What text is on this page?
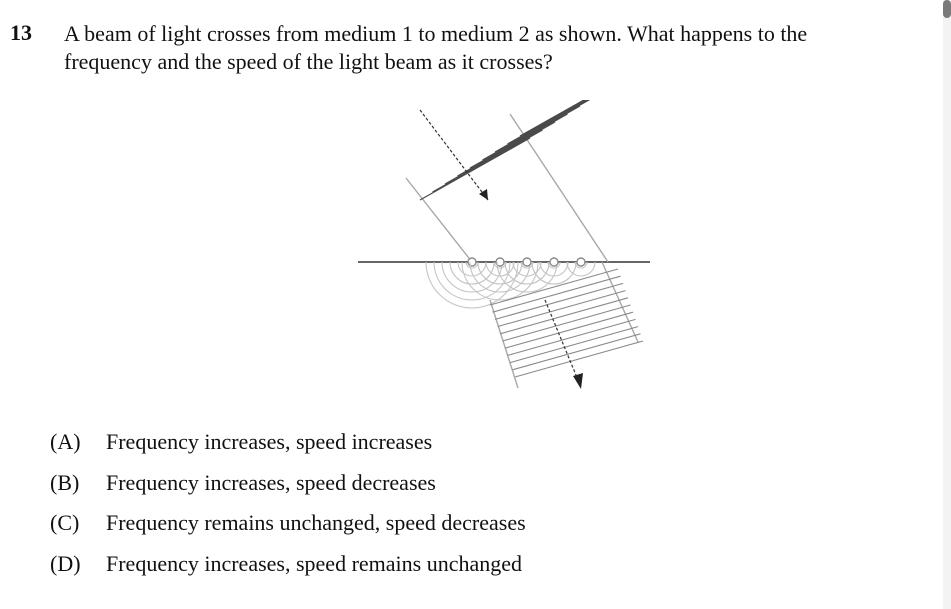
13 A beam of light crosses from medium 1 to medium 2 as shown. What happens to the frequency and the speed of the light beam as it crosses?
(A)	Frequency increases, speed increases
(B)	Frequency increases, speed decreases
(C)	Frequency remains unchanged, speed decreases
(D)	Frequency increases, speed remains unchanged
